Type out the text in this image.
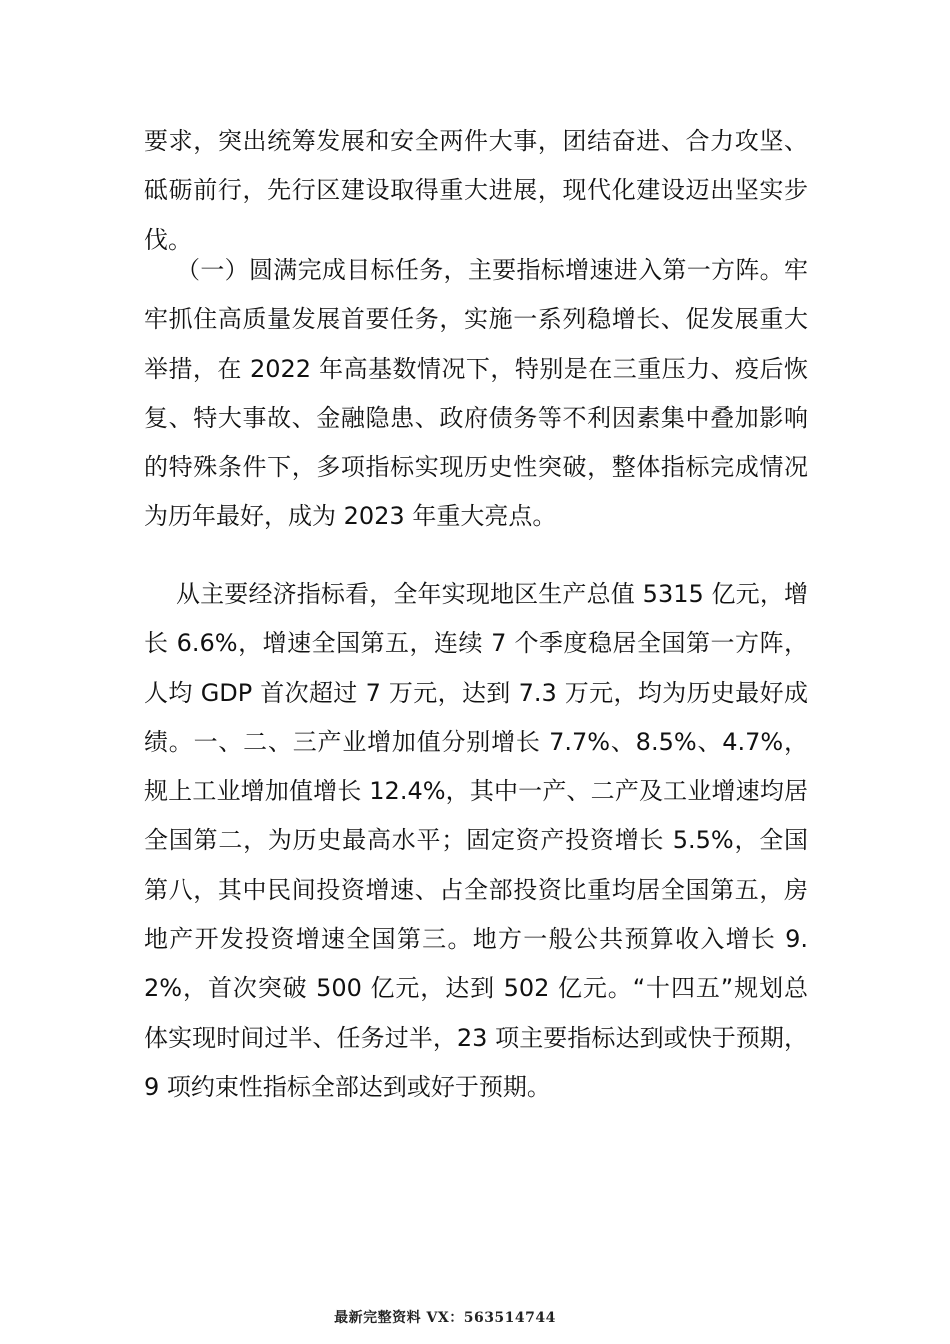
要求，突出统筹发展和安全两件大事，团结奋进、合力攻坚、砥砺前行，先行区建设取得重大进展，现代化建设迈出坚实步伐。

（一）圆满完成目标任务，主要指标增速进入第一方阵。牢牢抓住高质量发展首要任务，实施一系列稳增长、促发展重大举措，在 2022 年高基数情况下，特别是在三重压力、疫后恢复、特大事故、金融隐患、政府债务等不利因素集中叠加影响的特殊条件下，多项指标实现历史性突破，整体指标完成情况为历年最好，成为 2023 年重大亮点。

从主要经济指标看，全年实现地区生产总值 5315 亿元，增长 6.6%，增速全国第五，连续 7 个季度稳居全国第一方阵，人均 GDP 首次超过 7 万元，达到 7.3 万元，均为历史最好成绩。一、二、三产业增加值分别增长 7.7%、8.5%、4.7%，规上工业增加值增长 12.4%，其中一产、二产及工业增速均居全国第二，为历史最高水平；固定资产投资增长 5.5%，全国第八，其中民间投资增速、占全部投资比重均居全国第五，房地产开发投资增速全国第三。地方一般公共预算收入增长 9.2%，首次突破 500 亿元，达到 502 亿元。“十四五”规划总体实现时间过半、任务过半，23 项主要指标达到或快于预期，9 项约束性指标全部达到或好于预期。

最新完整资料 VX：563514744
